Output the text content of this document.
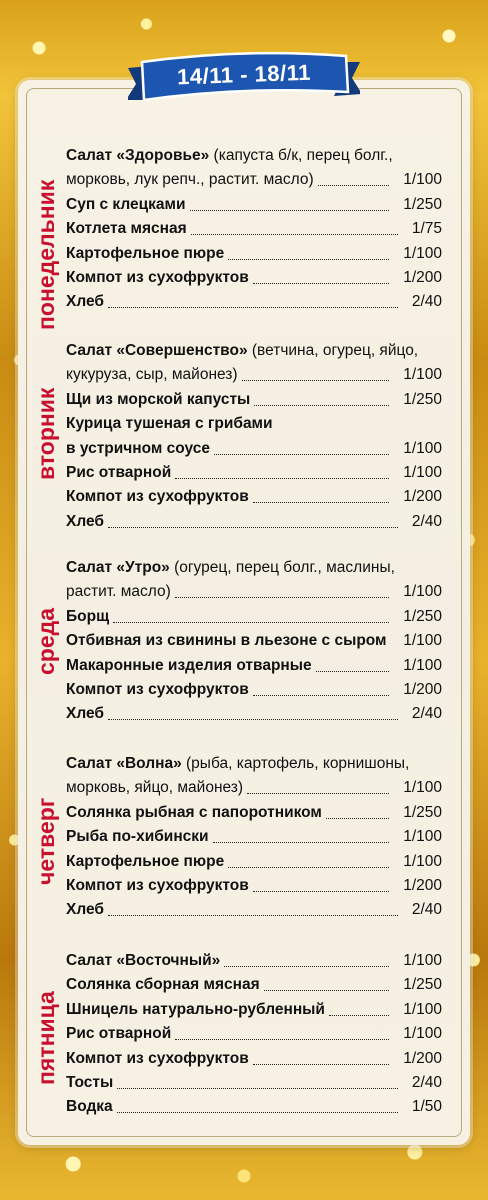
14/11 - 18/11
понедельник
Салат «Здоровье» (капуста б/к, перец болг.,
морковь, лук репч., растит. масло)	1/100
Суп с клецками	1/250
Котлета мясная	1/75
Картофельное пюре	1/100
Компот из сухофруктов	1/200
Хлеб	2/40
вторник
Салат «Совершенство» (ветчина, огурец, яйцо,
кукуруза, сыр, майонез)	1/100
Щи из морской капусты	1/250
Курица тушеная с грибами
в устричном соусе	1/100
Рис отварной	1/100
Компот из сухофруктов	1/200
Хлеб	2/40
среда
Салат «Утро» (огурец, перец болг., маслины,
растит. масло)	1/100
Борщ	1/250
Отбивная из свинины в льезоне с сыром 1/100
Макаронные изделия отварные	1/100
Компот из сухофруктов	1/200
Хлеб	2/40
четверг
Салат «Волна» (рыба, картофель, корнишоны,
морковь, яйцо, майонез)	1/100
Солянка рыбная с папоротником	1/250
Рыба по-хибински	1/100
Картофельное пюре	1/100
Компот из сухофруктов	1/200
Хлеб	2/40
пятница
Салат «Восточный»	1/100
Солянка сборная мясная	1/250
Шницель натурально-рубленный	1/100
Рис отварной	1/100
Компот из сухофруктов	1/200
Тосты	2/40
Водка	1/50
